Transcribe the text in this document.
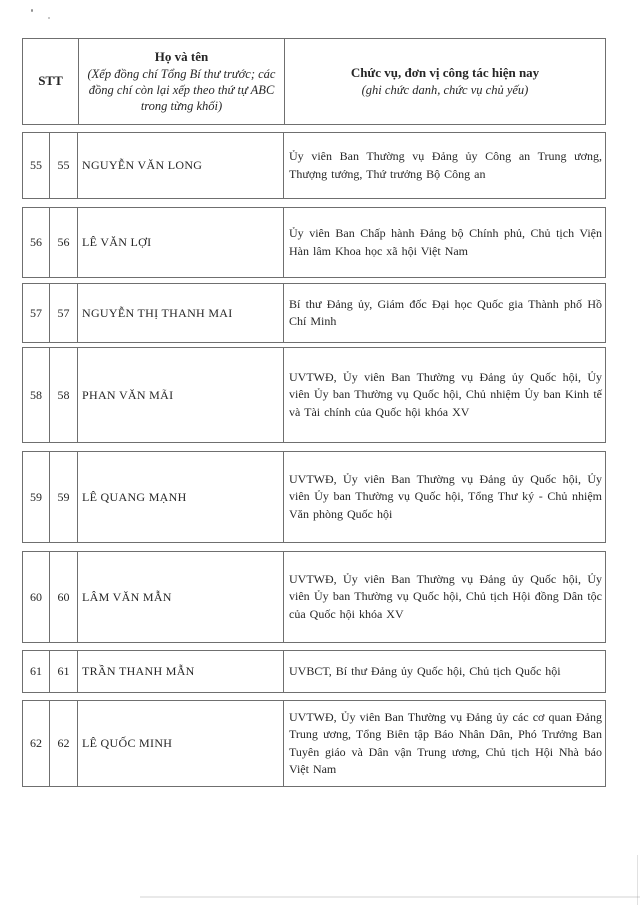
STT
Họ và tên
(Xếp đồng chí Tổng Bí thư trước; các đồng chí còn lại xếp theo thứ tự ABC trong từng khối)
Chức vụ, đơn vị công tác hiện nay
(ghi chức danh, chức vụ chủ yếu)
55 55 NGUYỄN VĂN LONG
Ủy viên Ban Thường vụ Đảng ủy Công an Trung ương, Thượng tướng, Thứ trưởng Bộ Công an
56 56 LÊ VĂN LỢI
Ủy viên Ban Chấp hành Đảng bộ Chính phủ, Chủ tịch Viện Hàn lâm Khoa học xã hội Việt Nam
57 57 NGUYỄN THỊ THANH MAI
Bí thư Đảng ủy, Giám đốc Đại học Quốc gia Thành phố Hồ Chí Minh
58 58 PHAN VĂN MÃI
UVTWĐ, Ủy viên Ban Thường vụ Đảng ủy Quốc hội, Ủy viên Ủy ban Thường vụ Quốc hội, Chủ nhiệm Ủy ban Kinh tế và Tài chính của Quốc hội khóa XV
59 59 LÊ QUANG MẠNH
UVTWĐ, Ủy viên Ban Thường vụ Đảng ủy Quốc hội, Ủy viên Ủy ban Thường vụ Quốc hội, Tổng Thư ký - Chủ nhiệm Văn phòng Quốc hội
60 60 LÂM VĂN MẪN
UVTWĐ, Ủy viên Ban Thường vụ Đảng ủy Quốc hội, Ủy viên Ủy ban Thường vụ Quốc hội, Chủ tịch Hội đồng Dân tộc của Quốc hội khóa XV
61 61 TRẦN THANH MẪN	UVBCT, Bí thư Đảng ủy Quốc hội, Chủ tịch Quốc hội
62 62 LÊ QUỐC MINH
UVTWĐ, Ủy viên Ban Thường vụ Đảng ủy các cơ quan Đảng Trung ương, Tổng Biên tập Báo Nhân Dân, Phó Trưởng Ban Tuyên giáo và Dân vận Trung ương, Chủ tịch Hội Nhà báo Việt Nam
